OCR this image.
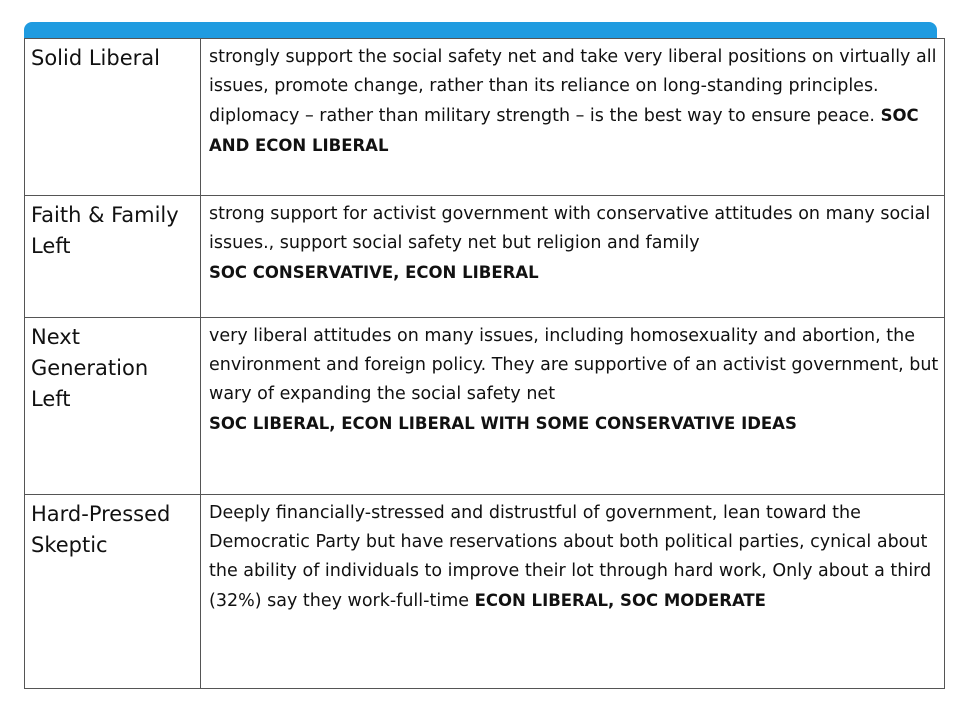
Solid Liberal	strongly support the social safety net and take very liberal positions on virtually all issues, promote change, rather than its reliance on long-standing principles. diplomacy – rather than military strength – is the best way to ensure peace. SOC AND ECON LIBERAL
Faith & Family Left	strong support for activist government with conservative attitudes on many social issues., support social safety net but religion and family
SOC CONSERVATIVE, ECON LIBERAL
Next Generation Left	very liberal attitudes on many issues, including homosexuality and abortion, the environment and foreign policy. They are supportive of an activist government, but wary of expanding the social safety net
SOC LIBERAL, ECON LIBERAL WITH SOME CONSERVATIVE IDEAS
Hard-Pressed Skeptic	Deeply financially-stressed and distrustful of government, lean toward the Democratic Party but have reservations about both political parties, cynical about the ability of individuals to improve their lot through hard work, Only about a third (32%) say they work-full-time ECON LIBERAL, SOC MODERATE
